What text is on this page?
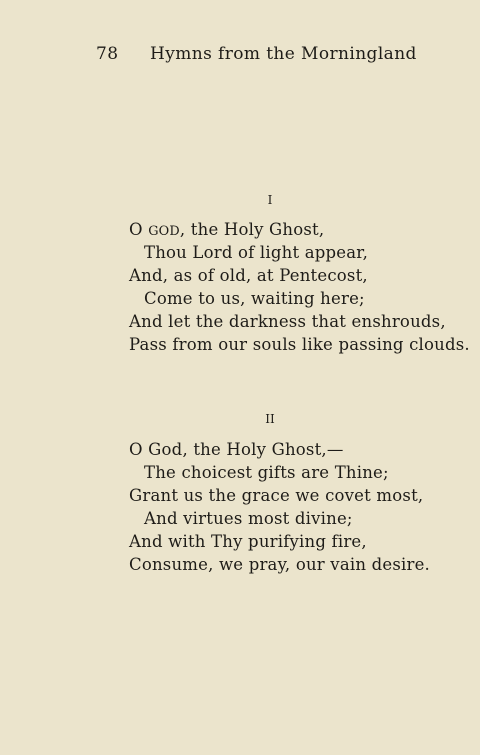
78 Hymns from the Morningland
I
O GOD, the Holy Ghost,
Thou Lord of light appear,
And, as of old, at Pentecost,
Come to us, waiting here;
And let the darkness that enshrouds,
Pass from our souls like passing clouds.
II
O God, the Holy Ghost,—
The choicest gifts are Thine;
Grant us the grace we covet most,
And virtues most divine;
And with Thy purifying fire,
Consume, we pray, our vain desire.
